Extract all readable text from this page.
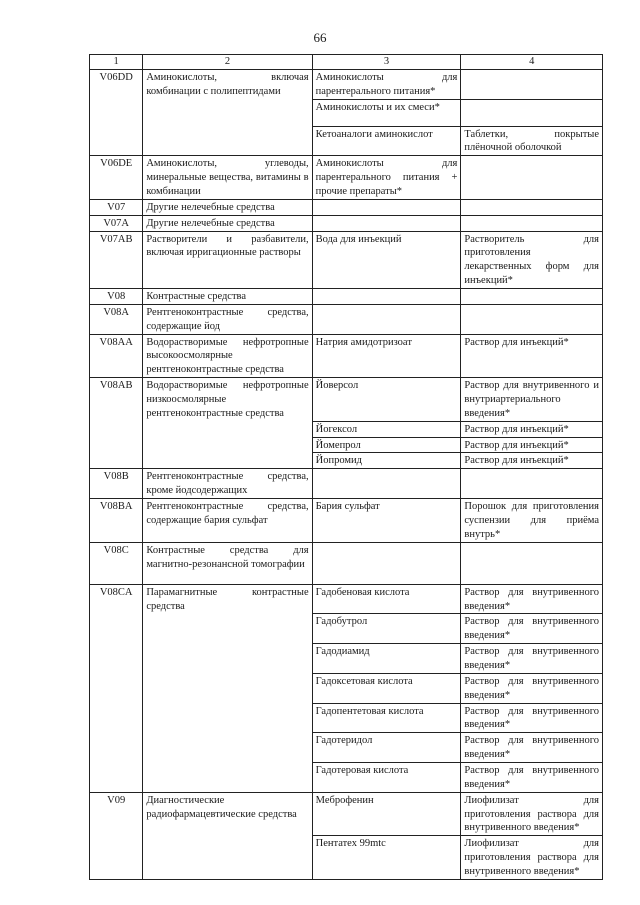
66
1	2	3	4
V06DD	Аминокислоты, включая комбинации с полипептидами	Аминокислоты для парентерального питания*	
		Аминокислоты и их смеси*	
		Кетоаналоги аминокислот	Таблетки, покрытые плёночной оболочкой
V06DE	Аминокислоты, углеводы, минеральные вещества, витамины в комбинации	Аминокислоты для парентерального питания + прочие препараты*	
V07	Другие нелечебные средства		
V07A	Другие нелечебные средства		
V07AB	Растворители и разбавители, включая ирригационные растворы	Вода для инъекций	Растворитель для приготовления лекарственных форм для инъекций*
V08	Контрастные средства		
V08A	Рентгеноконтрастные средства, содержащие йод		
V08AA	Водорастворимые нефротропные высокоосмолярные рентгеноконтрастные средства	Натрия амидотризоат	Раствор для инъекций*
V08AB	Водорастворимые нефротропные низкоосмолярные рентгеноконтрастные средства	Йоверсол	Раствор для внутривенного и внутриартериального введения*
		Йогексол	Раствор для инъекций*
		Йомепрол	Раствор для инъекций*
		Йопромид	Раствор для инъекций*
V08B	Рентгеноконтрастные средства, кроме йодсодержащих		
V08BA	Рентгеноконтрастные средства, содержащие бария сульфат	Бария сульфат	Порошок для приготовления суспензии для приёма внутрь*
V08C	Контрастные средства для магнитно-резонансной томографии		
V08CA	Парамагнитные контрастные средства	Гадобеновая кислота	Раствор для внутривенного введения*
		Гадобутрол	Раствор для внутривенного введения*
		Гадодиамид	Раствор для внутривенного введения*
		Гадоксетовая кислота	Раствор для внутривенного введения*
		Гадопентетовая кислота	Раствор для внутривенного введения*
		Гадотеридол	Раствор для внутривенного введения*
		Гадотеровая кислота	Раствор для внутривенного введения*
V09	Диагностические радиофармацевтические средства	Меброфенин	Лиофилизат для приготовления раствора для внутривенного введения*
		Пентатех 99mtc	Лиофилизат для приготовления раствора для внутривенного введения*
